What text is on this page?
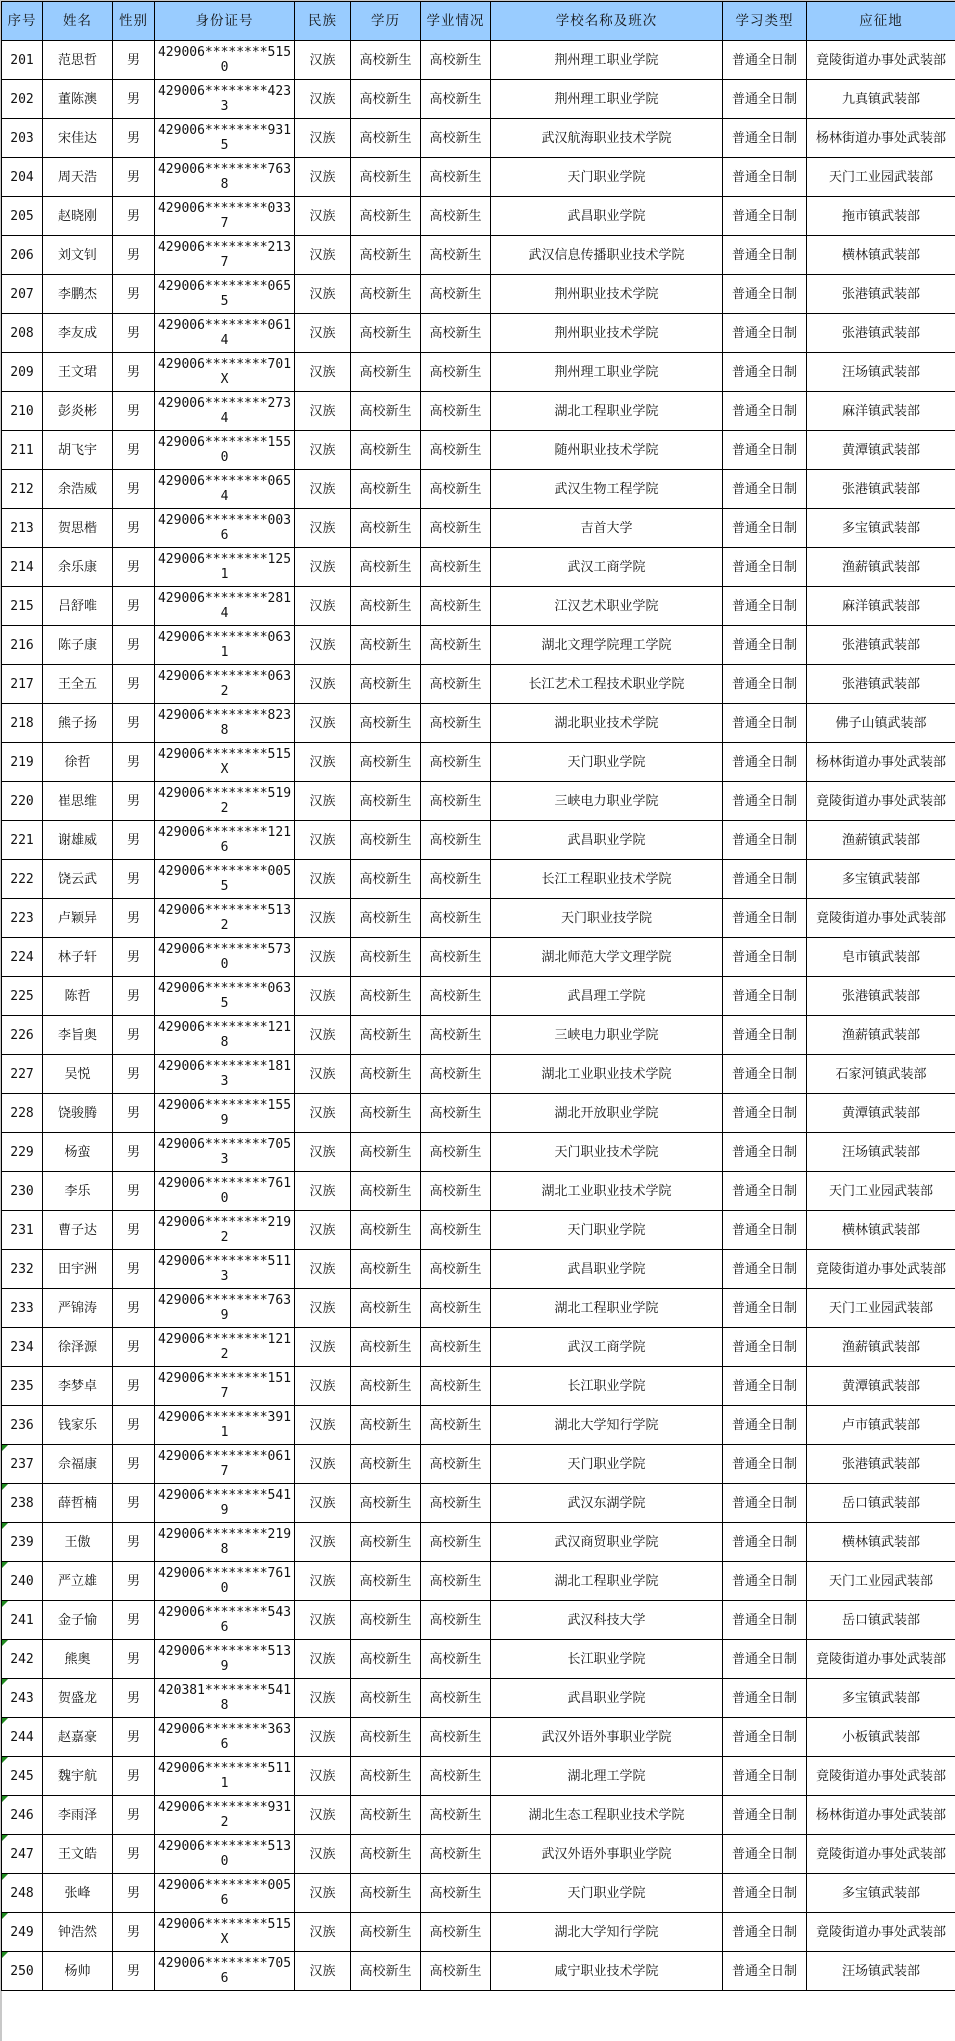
序号	姓名	性别	身份证号	民族	学历	学业情况	学校名称及班次	学习类型	应征地
201	范思哲	男	429006********5150	汉族	高校新生	高校新生	荆州理工职业学院	普通全日制	竟陵街道办事处武装部
202	董陈澳	男	429006********4233	汉族	高校新生	高校新生	荆州理工职业学院	普通全日制	九真镇武装部
203	宋佳达	男	429006********9315	汉族	高校新生	高校新生	武汉航海职业技术学院	普通全日制	杨林街道办事处武装部
204	周天浩	男	429006********7638	汉族	高校新生	高校新生	天门职业学院	普通全日制	天门工业园武装部
205	赵晓刚	男	429006********0337	汉族	高校新生	高校新生	武昌职业学院	普通全日制	拖市镇武装部
206	刘文钊	男	429006********2137	汉族	高校新生	高校新生	武汉信息传播职业技术学院	普通全日制	横林镇武装部
207	李鹏杰	男	429006********0655	汉族	高校新生	高校新生	荆州职业技术学院	普通全日制	张港镇武装部
208	李友成	男	429006********0614	汉族	高校新生	高校新生	荆州职业技术学院	普通全日制	张港镇武装部
209	王文珺	男	429006********701X	汉族	高校新生	高校新生	荆州理工职业学院	普通全日制	汪场镇武装部
210	彭炎彬	男	429006********2734	汉族	高校新生	高校新生	湖北工程职业学院	普通全日制	麻洋镇武装部
211	胡飞宇	男	429006********1550	汉族	高校新生	高校新生	随州职业技术学院	普通全日制	黄潭镇武装部
212	余浩威	男	429006********0654	汉族	高校新生	高校新生	武汉生物工程学院	普通全日制	张港镇武装部
213	贺思楷	男	429006********0036	汉族	高校新生	高校新生	吉首大学	普通全日制	多宝镇武装部
214	余乐康	男	429006********1251	汉族	高校新生	高校新生	武汉工商学院	普通全日制	渔薪镇武装部
215	吕舒唯	男	429006********2814	汉族	高校新生	高校新生	江汉艺术职业学院	普通全日制	麻洋镇武装部
216	陈子康	男	429006********0631	汉族	高校新生	高校新生	湖北文理学院理工学院	普通全日制	张港镇武装部
217	王全五	男	429006********0632	汉族	高校新生	高校新生	长江艺术工程技术职业学院	普通全日制	张港镇武装部
218	熊子扬	男	429006********8238	汉族	高校新生	高校新生	湖北职业技术学院	普通全日制	佛子山镇武装部
219	徐哲	男	429006********515X	汉族	高校新生	高校新生	天门职业学院	普通全日制	杨林街道办事处武装部
220	崔思维	男	429006********5192	汉族	高校新生	高校新生	三峡电力职业学院	普通全日制	竟陵街道办事处武装部
221	谢雄威	男	429006********1216	汉族	高校新生	高校新生	武昌职业学院	普通全日制	渔薪镇武装部
222	饶云武	男	429006********0055	汉族	高校新生	高校新生	长江工程职业技术学院	普通全日制	多宝镇武装部
223	卢颖异	男	429006********5132	汉族	高校新生	高校新生	天门职业技学院	普通全日制	竟陵街道办事处武装部
224	林子轩	男	429006********5730	汉族	高校新生	高校新生	湖北师范大学文理学院	普通全日制	皂市镇武装部
225	陈哲	男	429006********0635	汉族	高校新生	高校新生	武昌理工学院	普通全日制	张港镇武装部
226	李旨奥	男	429006********1218	汉族	高校新生	高校新生	三峡电力职业学院	普通全日制	渔薪镇武装部
227	吴悦	男	429006********1813	汉族	高校新生	高校新生	湖北工业职业技术学院	普通全日制	石家河镇武装部
228	饶骏腾	男	429006********1559	汉族	高校新生	高校新生	湖北开放职业学院	普通全日制	黄潭镇武装部
229	杨蛮	男	429006********7053	汉族	高校新生	高校新生	天门职业技术学院	普通全日制	汪场镇武装部
230	李乐	男	429006********7610	汉族	高校新生	高校新生	湖北工业职业技术学院	普通全日制	天门工业园武装部
231	曹子达	男	429006********2192	汉族	高校新生	高校新生	天门职业学院	普通全日制	横林镇武装部
232	田宇洲	男	429006********5113	汉族	高校新生	高校新生	武昌职业学院	普通全日制	竟陵街道办事处武装部
233	严锦涛	男	429006********7639	汉族	高校新生	高校新生	湖北工程职业学院	普通全日制	天门工业园武装部
234	徐泽源	男	429006********1212	汉族	高校新生	高校新生	武汉工商学院	普通全日制	渔薪镇武装部
235	李梦卓	男	429006********1517	汉族	高校新生	高校新生	长江职业学院	普通全日制	黄潭镇武装部
236	钱家乐	男	429006********3911	汉族	高校新生	高校新生	湖北大学知行学院	普通全日制	卢市镇武装部

237	佘福康	男	429006********0617	汉族	高校新生	高校新生	天门职业学院	普通全日制	张港镇武装部

238	薛哲楠	男	429006********5419	汉族	高校新生	高校新生	武汉东湖学院	普通全日制	岳口镇武装部

239	王傲	男	429006********2198	汉族	高校新生	高校新生	武汉商贸职业学院	普通全日制	横林镇武装部

240	严立雄	男	429006********7610	汉族	高校新生	高校新生	湖北工程职业学院	普通全日制	天门工业园武装部

241	金子愉	男	429006********5436	汉族	高校新生	高校新生	武汉科技大学	普通全日制	岳口镇武装部

242	熊奥	男	429006********5139	汉族	高校新生	高校新生	长江职业学院	普通全日制	竟陵街道办事处武装部

243	贺盛龙	男	420381********5418	汉族	高校新生	高校新生	武昌职业学院	普通全日制	多宝镇武装部

244	赵嘉豪	男	429006********3636	汉族	高校新生	高校新生	武汉外语外事职业学院	普通全日制	小板镇武装部

245	魏宇航	男	429006********5111	汉族	高校新生	高校新生	湖北理工学院	普通全日制	竟陵街道办事处武装部

246	李雨泽	男	429006********9312	汉族	高校新生	高校新生	湖北生态工程职业技术学院	普通全日制	杨林街道办事处武装部

247	王文皓	男	429006********5130	汉族	高校新生	高校新生	武汉外语外事职业学院	普通全日制	竟陵街道办事处武装部

248	张峰	男	429006********0056	汉族	高校新生	高校新生	天门职业学院	普通全日制	多宝镇武装部

249	钟浩然	男	429006********515X	汉族	高校新生	高校新生	湖北大学知行学院	普通全日制	竟陵街道办事处武装部

250	杨帅	男	429006********7056	汉族	高校新生	高校新生	咸宁职业技术学院	普通全日制	汪场镇武装部
